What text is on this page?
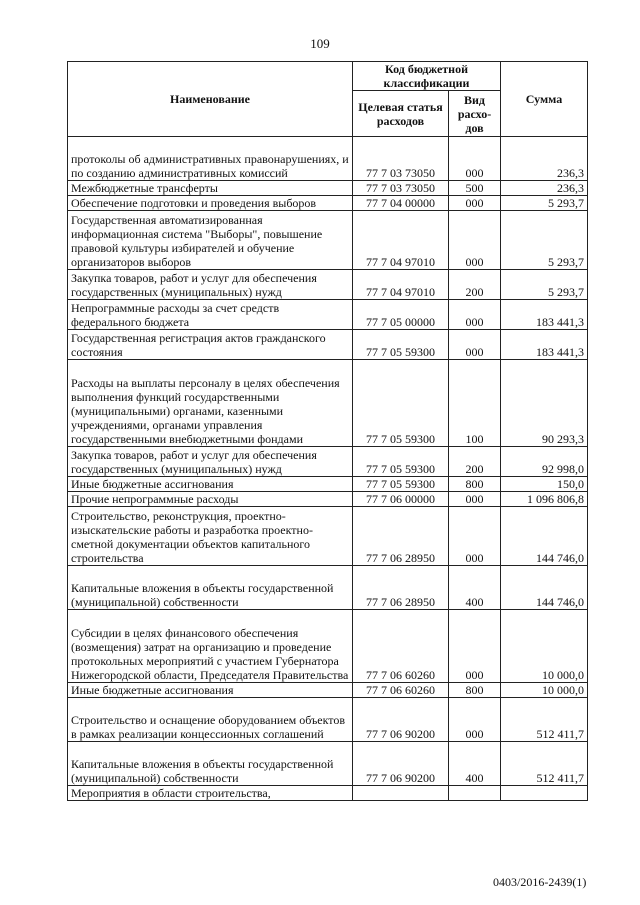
109
Наименование	Код бюджетной классификации		Сумма
	Целевая статья расходов	Вид расхо-дов	
протоколы об административных правонарушениях, и по созданию административных комиссий	77 7 03 73050	000	236,3
Межбюджетные трансферты	77 7 03 73050	500	236,3
Обеспечение подготовки и проведения выборов	77 7 04 00000	000	5 293,7
Государственная автоматизированная информационная система "Выборы", повышение правовой культуры избирателей и обучение организаторов выборов	77 7 04 97010	000	5 293,7
Закупка товаров, работ и услуг для обеспечения государственных (муниципальных) нужд	77 7 04 97010	200	5 293,7
Непрограммные расходы за счет средств федерального бюджета	77 7 05 00000	000	183 441,3
Государственная регистрация актов гражданского состояния	77 7 05 59300	000	183 441,3
Расходы на выплаты персоналу в целях обеспечения выполнения функций государственными (муниципальными) органами, казенными учреждениями, органами управления государственными внебюджетными фондами	77 7 05 59300	100	90 293,3
Закупка товаров, работ и услуг для обеспечения государственных (муниципальных) нужд	77 7 05 59300	200	92 998,0
Иные бюджетные ассигнования	77 7 05 59300	800	150,0
Прочие непрограммные расходы	77 7 06 00000	000	1 096 806,8
Строительство, реконструкция, проектно-изыскательские работы и разработка проектно-сметной документации объектов капитального строительства	77 7 06 28950	000	144 746,0
Капитальные вложения в объекты государственной (муниципальной) собственности	77 7 06 28950	400	144 746,0
Субсидии в целях финансового обеспечения (возмещения) затрат на организацию и проведение протокольных мероприятий с участием Губернатора Нижегородской области, Председателя Правительства	77 7 06 60260	000	10 000,0
Иные бюджетные ассигнования	77 7 06 60260	800	10 000,0
Строительство и оснащение оборудованием объектов в рамках реализации концессионных соглашений	77 7 06 90200	000	512 411,7
Капитальные вложения в объекты государственной (муниципальной) собственности	77 7 06 90200	400	512 411,7
Мероприятия в области строительства,			
0403/2016-2439(1)
